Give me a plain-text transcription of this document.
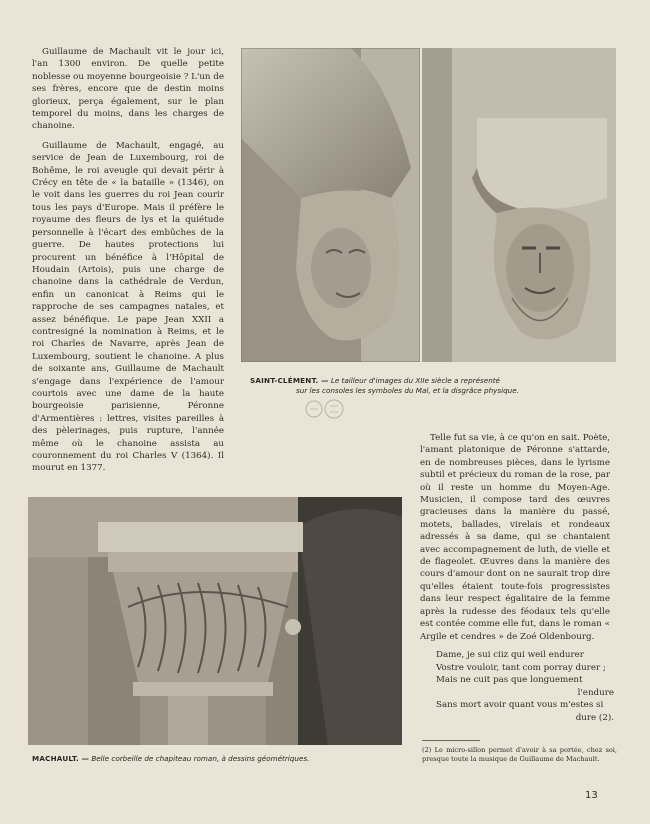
Guillaume de Machault vit le jour ici, l'an 1300 environ. De quelle petite noblesse ou moyenne bourgeoisie ? L'un de ses frères, encore que de destin moins glorieux, perça également, sur le plan temporel du moins, dans les charges de chanoine.

Guillaume de Machault, engagé, au service de Jean de Luxembourg, roi de Bohême, le roi aveugle qui devait périr à Crécy en tête de « la bataille » (1346), on le voit dans les guerres du roi Jean courir tous les pays d'Europe. Mais il préfère le royaume des fleurs de lys et la quiétude personnelle à l'écart des embûches de la guerre. De hautes protections lui procurent un bénéfice à l'Hôpital de Houdain (Artois), puis une charge de chanoine dans la cathédrale de Verdun, enfin un canonicat à Reims qui le rapproche de ses campagnes natales, et assez bénéfique. Le pape Jean XXII a contresigné la nomination à Reims, et le roi Charles de Navarre, après Jean de Luxembourg, soutient le chanoine. A plus de soixante ans, Guillaume de Machault s'engage dans l'expérience de l'amour courtois avec une dame de la haute bourgeoisie parisienne, Péronne d'Armentières : lettres, visites pareilles à des pèlerinages, puis rupture, l'année même où le chanoine assista au couronnement du roi Charles V (1364). Il mourut en 1377.

SAINT-CLÉMENT. — Le tailleur d'images du XIIe siècle a représenté
sur les consoles les symboles du Mal, et la disgrâce physique.
MACHAULT. — Belle corbeille de chapiteau roman, à dessins géométriques.

Telle fut sa vie, à ce qu'on en sait. Poète, l'amant platonique de Péronne s'attarde, en de nombreuses pièces, dans le lyrisme subtil et précieux du roman de la rose, par où il reste un homme du Moyen-Age. Musicien, il compose tard des œuvres gracieuses dans la manière du passé, motets, ballades, virelais et rondeaux adressés à sa dame, qui se chantaient avec accompagnement de luth, de vielle et de flageolet. Œuvres dans la manière des cours d'amour dont on ne saurait trop dire qu'elles étaient toute-fois progressistes dans leur respect égalitaire de la femme après la rudesse des féodaux tels qu'elle est contée comme elle fut, dans le roman « Argile et cendres » de Zoé Oldenbourg.

Dame, je sui ciiz qui weil endurer
Vostre vouloir, tant com porray durer ;
Mais ne cuit pas que longuement
l'endure
Sans mort avoir quant vous m'estes si
dure (2).
(2) Le micro-sillon permet d'avoir à sa portée, chez soi, presque toute la musique de Guillaume de Machault.
13
